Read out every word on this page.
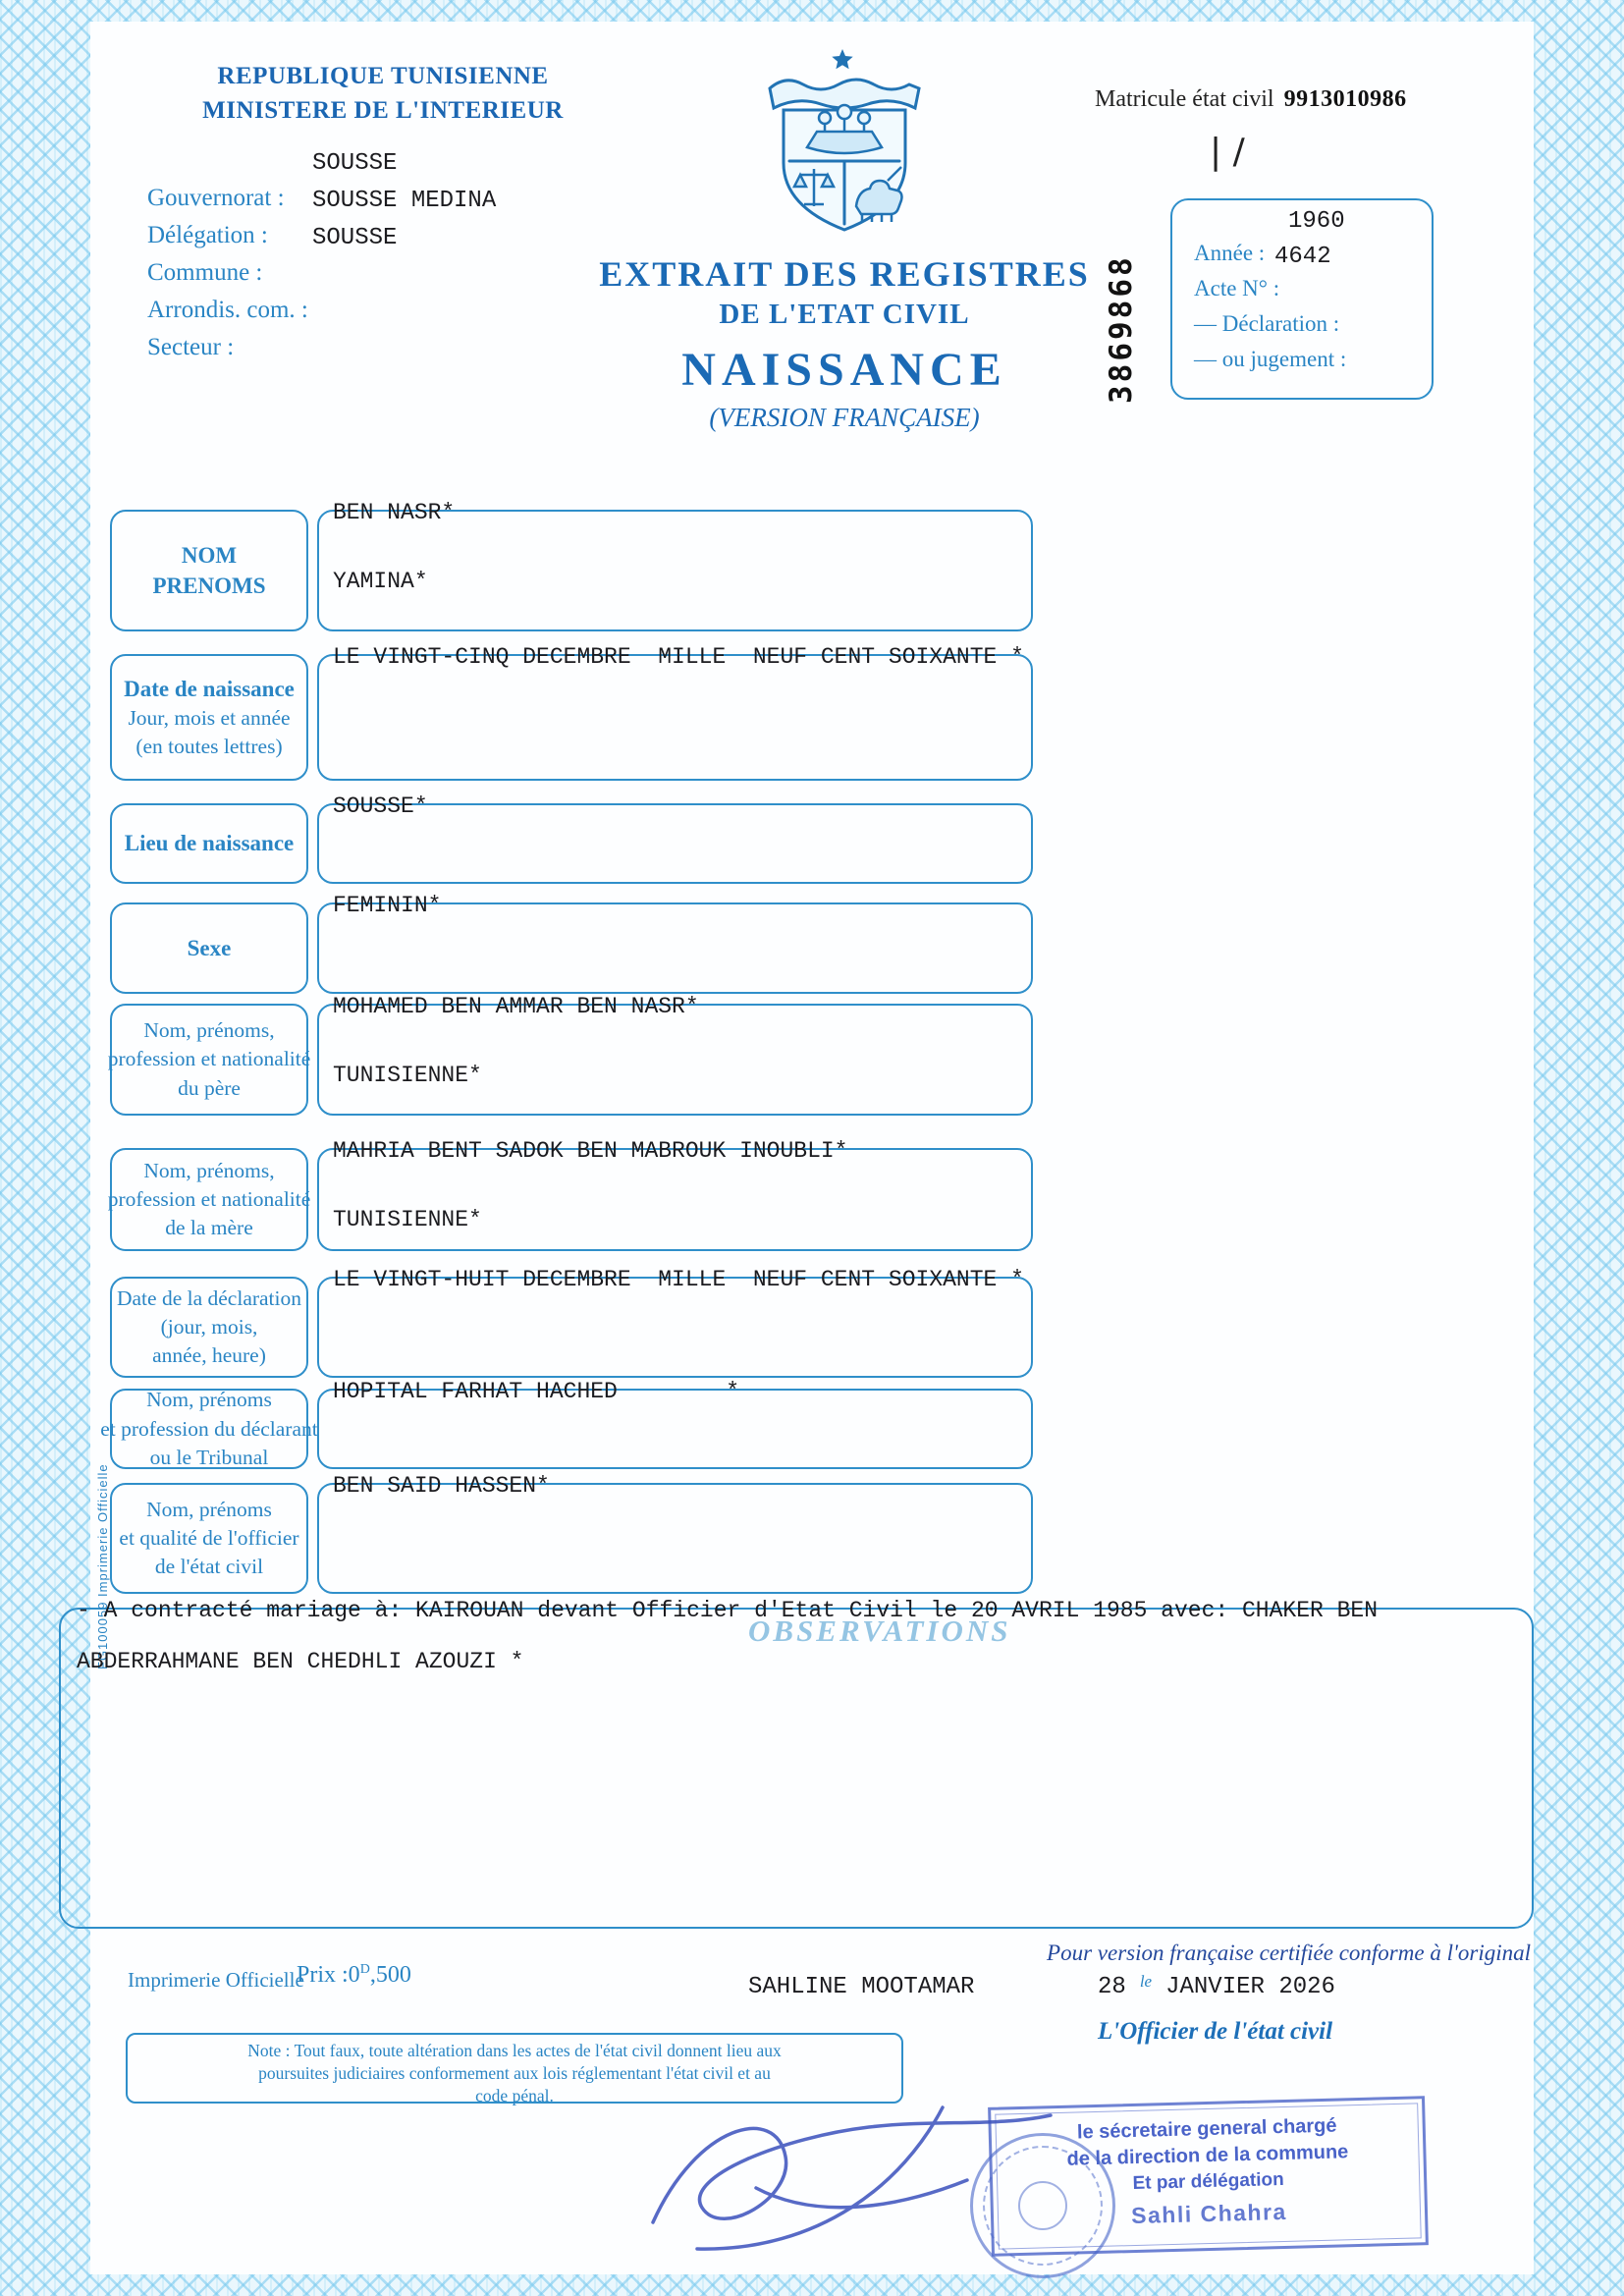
REPUBLIQUE TUNISIENNE
MINISTERE DE L'INTERIEUR
Gouvernorat :
Délégation :
Commune :
Arrondis. com. :
Secteur :
SOUSSE
SOUSSE MEDINA
SOUSSE
Matricule état civil 9913010986
| /
3869868
Année :
Acte N° :
— Déclaration :
— ou jugement :
1960
4642
EXTRAIT DES REGISTRES
DE L'ETAT CIVIL
NAISSANCE
(VERSION FRANÇAISE)
NOM
PRENOMS
BEN NASR*
YAMINA*
Date de naissance
Jour, mois et année
(en toutes lettres)
LE VINGT-CINQ DECEMBRE  MILLE  NEUF CENT SOIXANTE *
Lieu de naissance
SOUSSE*
Sexe
FEMININ*
Nom, prénoms,
profession et nationalité
du père
MOHAMED BEN AMMAR BEN NASR*
TUNISIENNE*
Nom, prénoms,
profession et nationalité
de la mère
MAHRIA BENT SADOK BEN MABROUK INOUBLI*
TUNISIENNE*
Date de la déclaration
(jour, mois,
année, heure)
LE VINGT-HUIT DECEMBRE  MILLE  NEUF CENT SOIXANTE *
Nom, prénoms
et profession du déclarant
ou le Tribunal
HOPITAL FARHAT HACHED        *
Nom, prénoms
et qualité de l'officier
de l'état civil
BEN SAID HASSEN*
OBSERVATIONS
- A contracté mariage à: KAIROUAN devant Officier d'Etat Civil le 20 AVRIL 1985 avec: CHAKER BEN
ABDERRAHMANE BEN CHEDHLI AZOUZI *
FG100059 Imprimerie Officielle
Pour version française certifiée conforme à l'original
Imprimerie Officielle
Prix $:0^D,500$	SAHLINE MOOTAMAR	28 le JANVIER 2026
L'Officier de l'état civil
Note : Tout faux, toute altération dans les actes de l'état civil donnent lieu aux
poursuites judiciaires conformement aux lois réglementant l'état civil et au
code pénal.
le sécretaire general chargé
de la direction de la commune
Et par délégation
Sahli Chahra
